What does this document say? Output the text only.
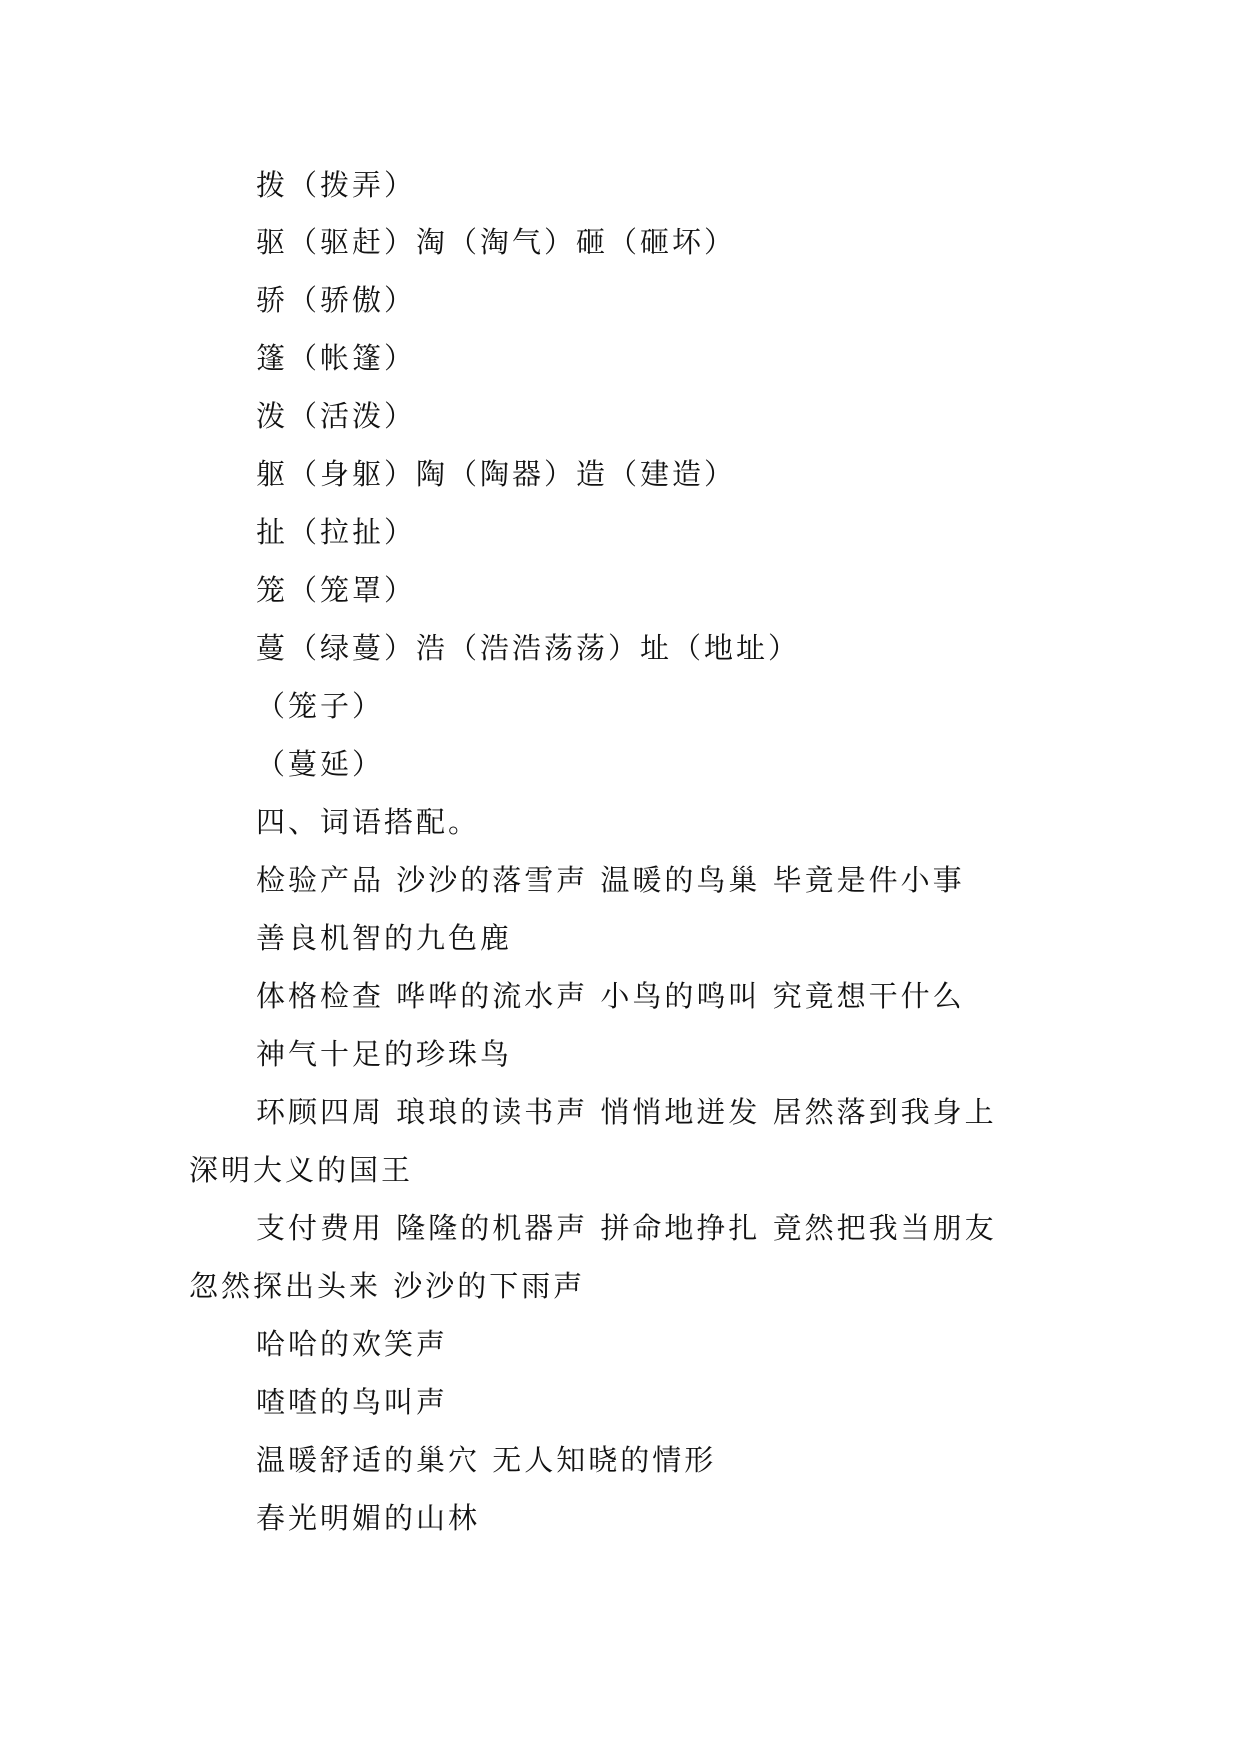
拨（拨弄）
驱（驱赶）淘（淘气）砸（砸坏）
骄（骄傲）
篷（帐篷）
泼（活泼）
躯（身躯）陶（陶器）造（建造）
扯（拉扯）
笼（笼罩）
蔓（绿蔓）浩（浩浩荡荡）址（地址）
（笼子）
（蔓延）
四、词语搭配。
检验产品 沙沙的落雪声 温暖的鸟巢 毕竟是件小事
善良机智的九色鹿
体格检查 哗哗的流水声 小鸟的鸣叫 究竟想干什么
神气十足的珍珠鸟
环顾四周 琅琅的读书声 悄悄地迸发 居然落到我身上
深明大义的国王
支付费用 隆隆的机器声 拼命地挣扎 竟然把我当朋友
忽然探出头来 沙沙的下雨声
哈哈的欢笑声
喳喳的鸟叫声
温暖舒适的巢穴 无人知晓的情形
春光明媚的山林
